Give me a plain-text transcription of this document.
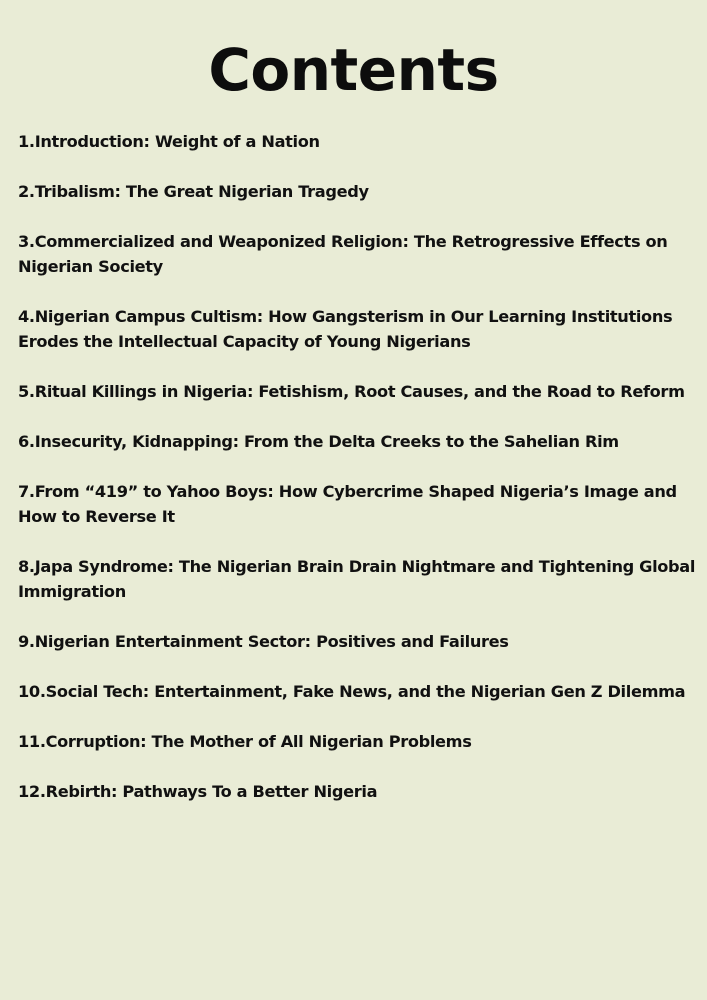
Contents
1.Introduction: Weight of a Nation
2.Tribalism: The Great Nigerian Tragedy
3.Commercialized and Weaponized Religion: The Retrogressive Effects on Nigerian Society
4.Nigerian Campus Cultism: How Gangsterism in Our Learning Institutions Erodes the Intellectual Capacity of Young Nigerians
5.Ritual Killings in Nigeria: Fetishism, Root Causes, and the Road to Reform
6.Insecurity, Kidnapping: From the Delta Creeks to the Sahelian Rim
7.From “419” to Yahoo Boys: How Cybercrime Shaped Nigeria’s Image and How to Reverse It
8.Japa Syndrome: The Nigerian Brain Drain Nightmare and Tightening Global Immigration
9.Nigerian Entertainment Sector: Positives and Failures
10.Social Tech: Entertainment, Fake News, and the Nigerian Gen Z Dilemma
11.Corruption: The Mother of All Nigerian Problems
12.Rebirth: Pathways To a Better Nigeria
